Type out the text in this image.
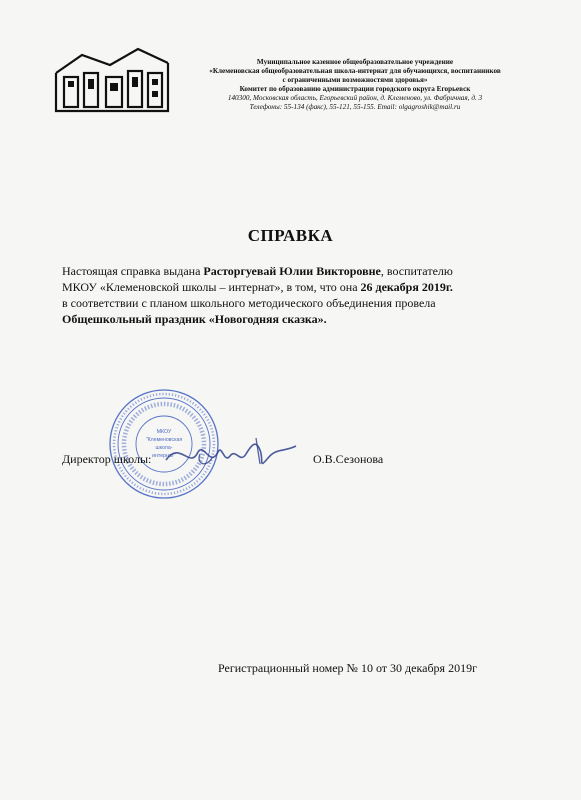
Муниципальное казенное общеобразовательное учреждение
«Клеменовская общеобразовательная школа-интернат для обучающихся, воспитанников
с ограниченными возможностями здоровья»
Комитет по образованию администрации городского округа Егорьевск
140300, Московская область, Егорьевский район, д. Клеменово, ул. Фабричная, д. 3
Телефоны: 55-134 (факс), 55-121, 55-155. Email: olgagroshik@mail.ru
СПРАВКА
Настоящая справка выдана Расторгуевай Юлии Викторовне, воспитателю
МКОУ «Клеменовской школы – интернат», в том, что она 26 декабря 2019г.
в соответствии с планом школьного методического объединения провела
Общешкольный праздник «Новогодняя сказка».
МКОУ
"Клеменовская
школа-
интернат"
Директор школы:	О.В.Сезонова
Регистрационный номер № 10 от 30 декабря 2019г
